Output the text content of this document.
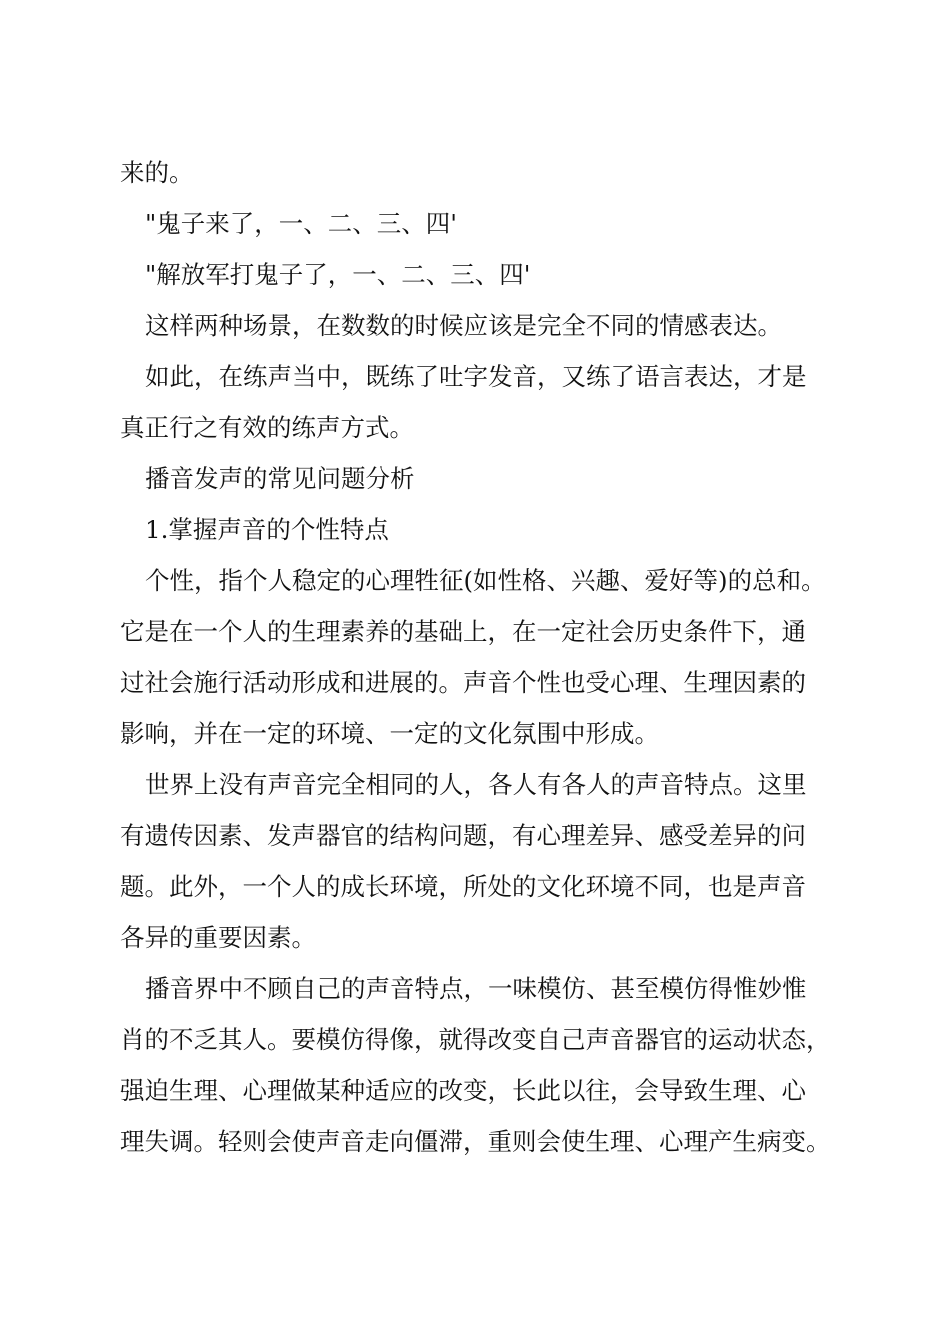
来的。

"鬼子来了，一、二、三、四'

"解放军打鬼子了，一、二、三、四'

这样两种场景，在数数的时候应该是完全不同的情感表达。

如此，在练声当中，既练了吐字发音，又练了语言表达，才是
真正行之有效的练声方式。

播音发声的常见问题分析

1.掌握声音的个性特点

个性，指个人稳定的心理牲征(如性格、兴趣、爱好等)的总和。
它是在一个人的生理素养的基础上，在一定社会历史条件下，通
过社会施行活动形成和进展的。声音个性也受心理、生理因素的
影响，并在一定的环境、一定的文化氛围中形成。

世界上没有声音完全相同的人，各人有各人的声音特点。这里
有遗传因素、发声器官的结构问题，有心理差异、感受差异的问
题。此外，一个人的成长环境，所处的文化环境不同，也是声音
各异的重要因素。

播音界中不顾自己的声音特点，一味模仿、甚至模仿得惟妙惟
肖的不乏其人。要模仿得像，就得改变自己声音器官的运动状态，
强迫生理、心理做某种适应的改变，长此以往，会导致生理、心
理失调。轻则会使声音走向僵滞，重则会使生理、心理产生病变。
